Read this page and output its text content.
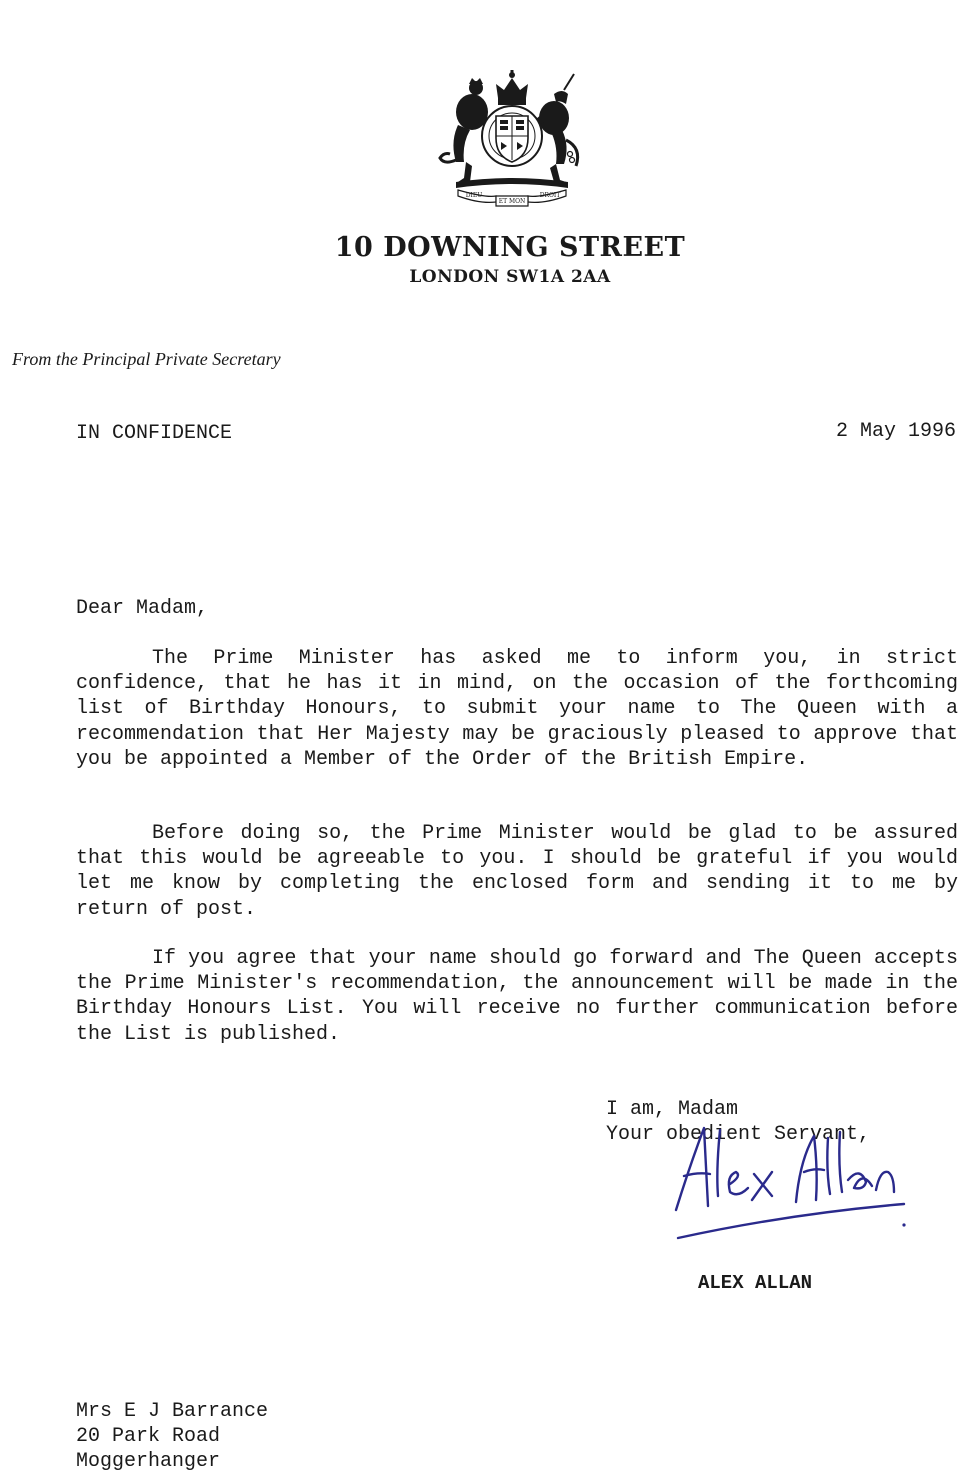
DIEU
ET MON
DROIT
10 DOWNING STREET
LONDON SW1A 2AA
From the Principal Private Secretary
IN CONFIDENCE	2 May 1996
Dear Madam,
The Prime Minister has asked me to inform you, in strict confidence, that he has it in mind, on the occasion of the forthcoming list of Birthday Honours, to submit your name to The Queen with a recommendation that Her Majesty may be graciously pleased to approve that you be appointed a Member of the Order of the British Empire.
Before doing so, the Prime Minister would be glad to be assured that this would be agreeable to you. I should be grateful if you would let me know by completing the enclosed form and sending it to me by return of post.
If you agree that your name should go forward and The Queen accepts the Prime Minister's recommendation, the announcement will be made in the Birthday Honours List. You will receive no further communication before the List is published.
I am, Madam
Your obedient Servant,
ALEX ALLAN
Mrs E J Barrance
20 Park Road
Moggerhanger
